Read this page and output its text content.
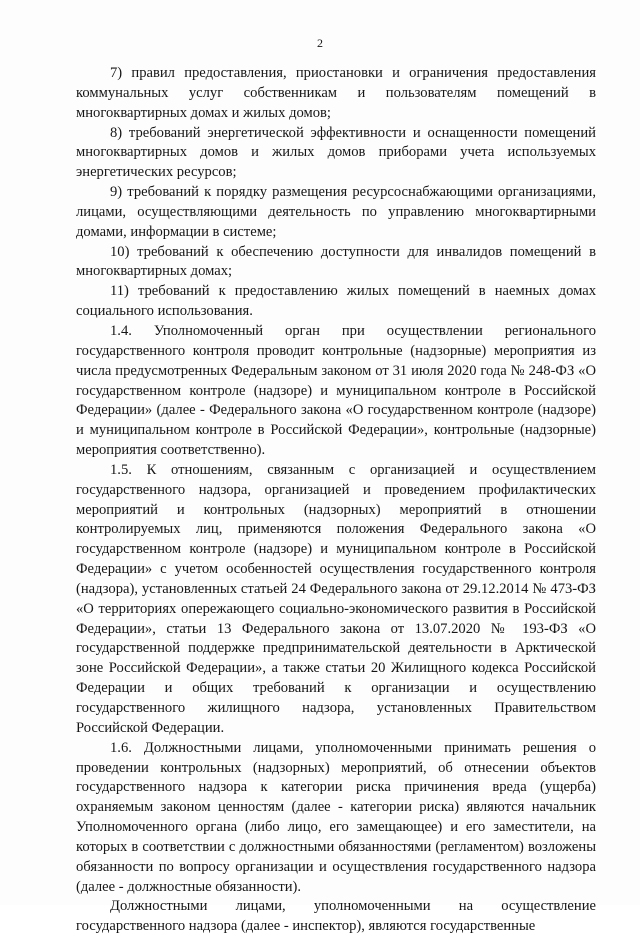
2

7) правил предоставления, приостановки и ограничения предоставления коммунальных услуг собственникам и пользователям помещений в многоквартирных домах и жилых домов;

8) требований энергетической эффективности и оснащенности помещений многоквартирных домов и жилых домов приборами учета используемых энергетических ресурсов;

9) требований к порядку размещения ресурсоснабжающими организациями, лицами, осуществляющими деятельность по управлению многоквартирными домами, информации в системе;

10) требований к обеспечению доступности для инвалидов помещений в многоквартирных домах;

11) требований к предоставлению жилых помещений в наемных домах социального использования.

1.4. Уполномоченный орган при осуществлении регионального государственного контроля проводит контрольные (надзорные) мероприятия из числа предусмотренных Федеральным законом от 31 июля 2020 года № 248-ФЗ «О государственном контроле (надзоре) и муниципальном контроле в Российской Федерации» (далее - Федерального закона «О государственном контроле (надзоре) и муниципальном контроле в Российской Федерации», контрольные (надзорные) мероприятия соответственно).

1.5. К отношениям, связанным с организацией и осуществлением государственного надзора, организацией и проведением профилактических мероприятий и контрольных (надзорных) мероприятий в отношении контролируемых лиц, применяются положения Федерального закона «О государственном контроле (надзоре) и муниципальном контроле в Российской Федерации» с учетом особенностей осуществления государственного контроля (надзора), установленных статьей 24 Федерального закона от 29.12.2014 № 473-ФЗ «О территориях опережающего социально-экономического развития в Российской Федерации», статьи 13 Федерального закона от 13.07.2020 № 193-ФЗ «О государственной поддержке предпринимательской деятельности в Арктической зоне Российской Федерации», а также статьи 20 Жилищного кодекса Российской Федерации и общих требований к организации и осуществлению государственного жилищного надзора, установленных Правительством Российской Федерации.

1.6. Должностными лицами, уполномоченными принимать решения о проведении контрольных (надзорных) мероприятий, об отнесении объектов государственного надзора к категории риска причинения вреда (ущерба) охраняемым законом ценностям (далее - категории риска) являются начальник Уполномоченного органа (либо лицо, его замещающее) и его заместители, на которых в соответствии с должностными обязанностями (регламентом) возложены обязанности по вопросу организации и осуществления государственного надзора (далее - должностные обязанности).

Должностными лицами, уполномоченными на осуществление государственного надзора (далее - инспектор), являются государственные
